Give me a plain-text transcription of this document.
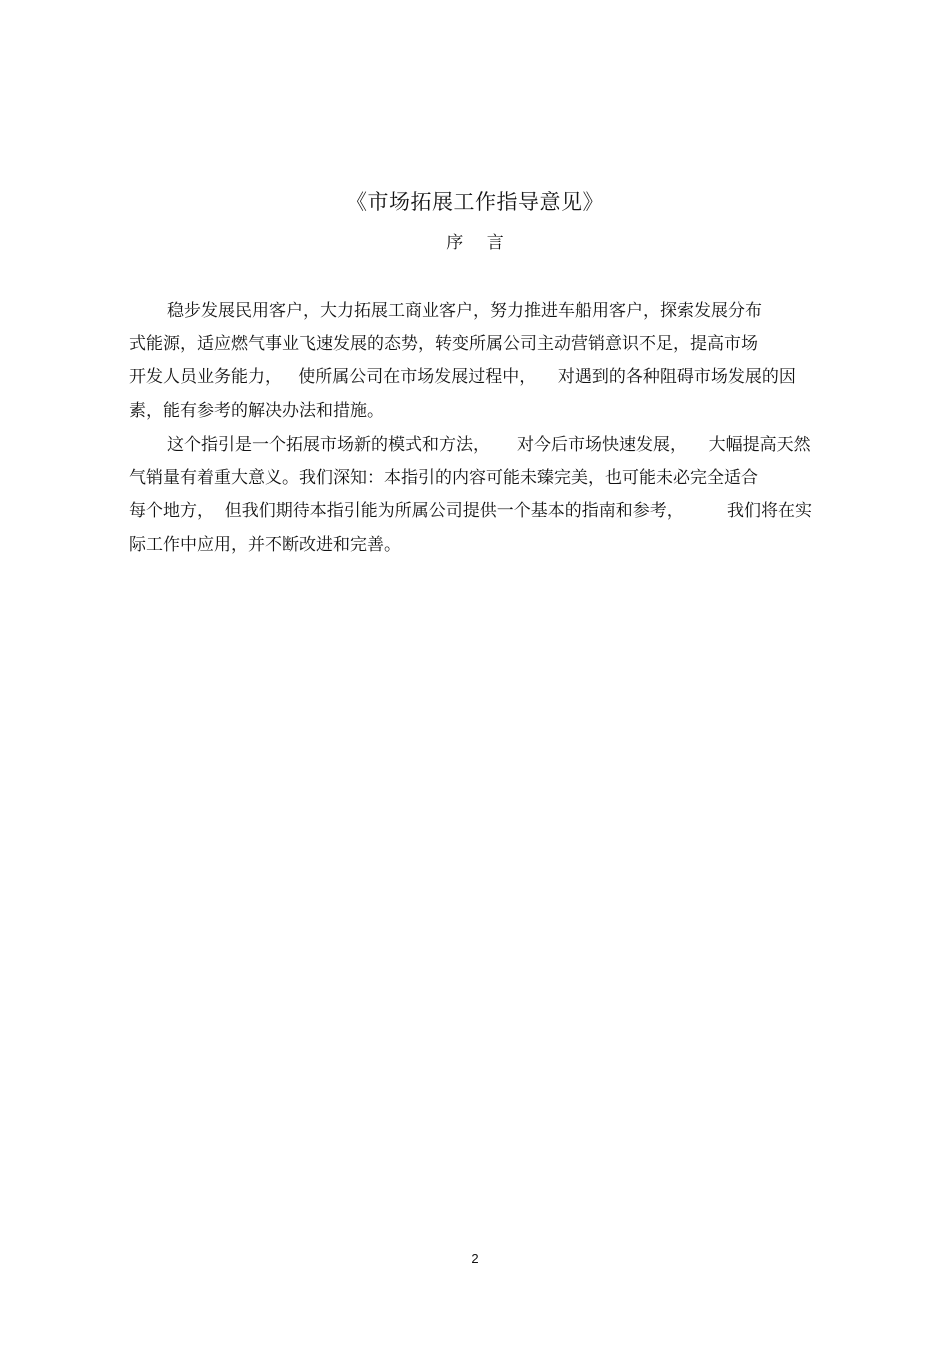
《市场拓展工作指导意见》
序 言
稳步发展民用客户，大力拓展工商业客户，努力推进车船用客户，探索发展分布
式能源，适应燃气事业飞速发展的态势，转变所属公司主动营销意识不足，提高市场
开发人员业务能力，   使所属公司在市场发展过程中，    对遇到的各种阻碍市场发展的因
素，能有参考的解决办法和措施。
这个指引是一个拓展市场新的模式和方法，     对今后市场快速发展，    大幅提高天然
气销量有着重大意义。我们深知：本指引的内容可能未臻完美，也可能未必完全适合
每个地方，  但我们期待本指引能为所属公司提供一个基本的指南和参考，        我们将在实
际工作中应用，并不断改进和完善。
2
